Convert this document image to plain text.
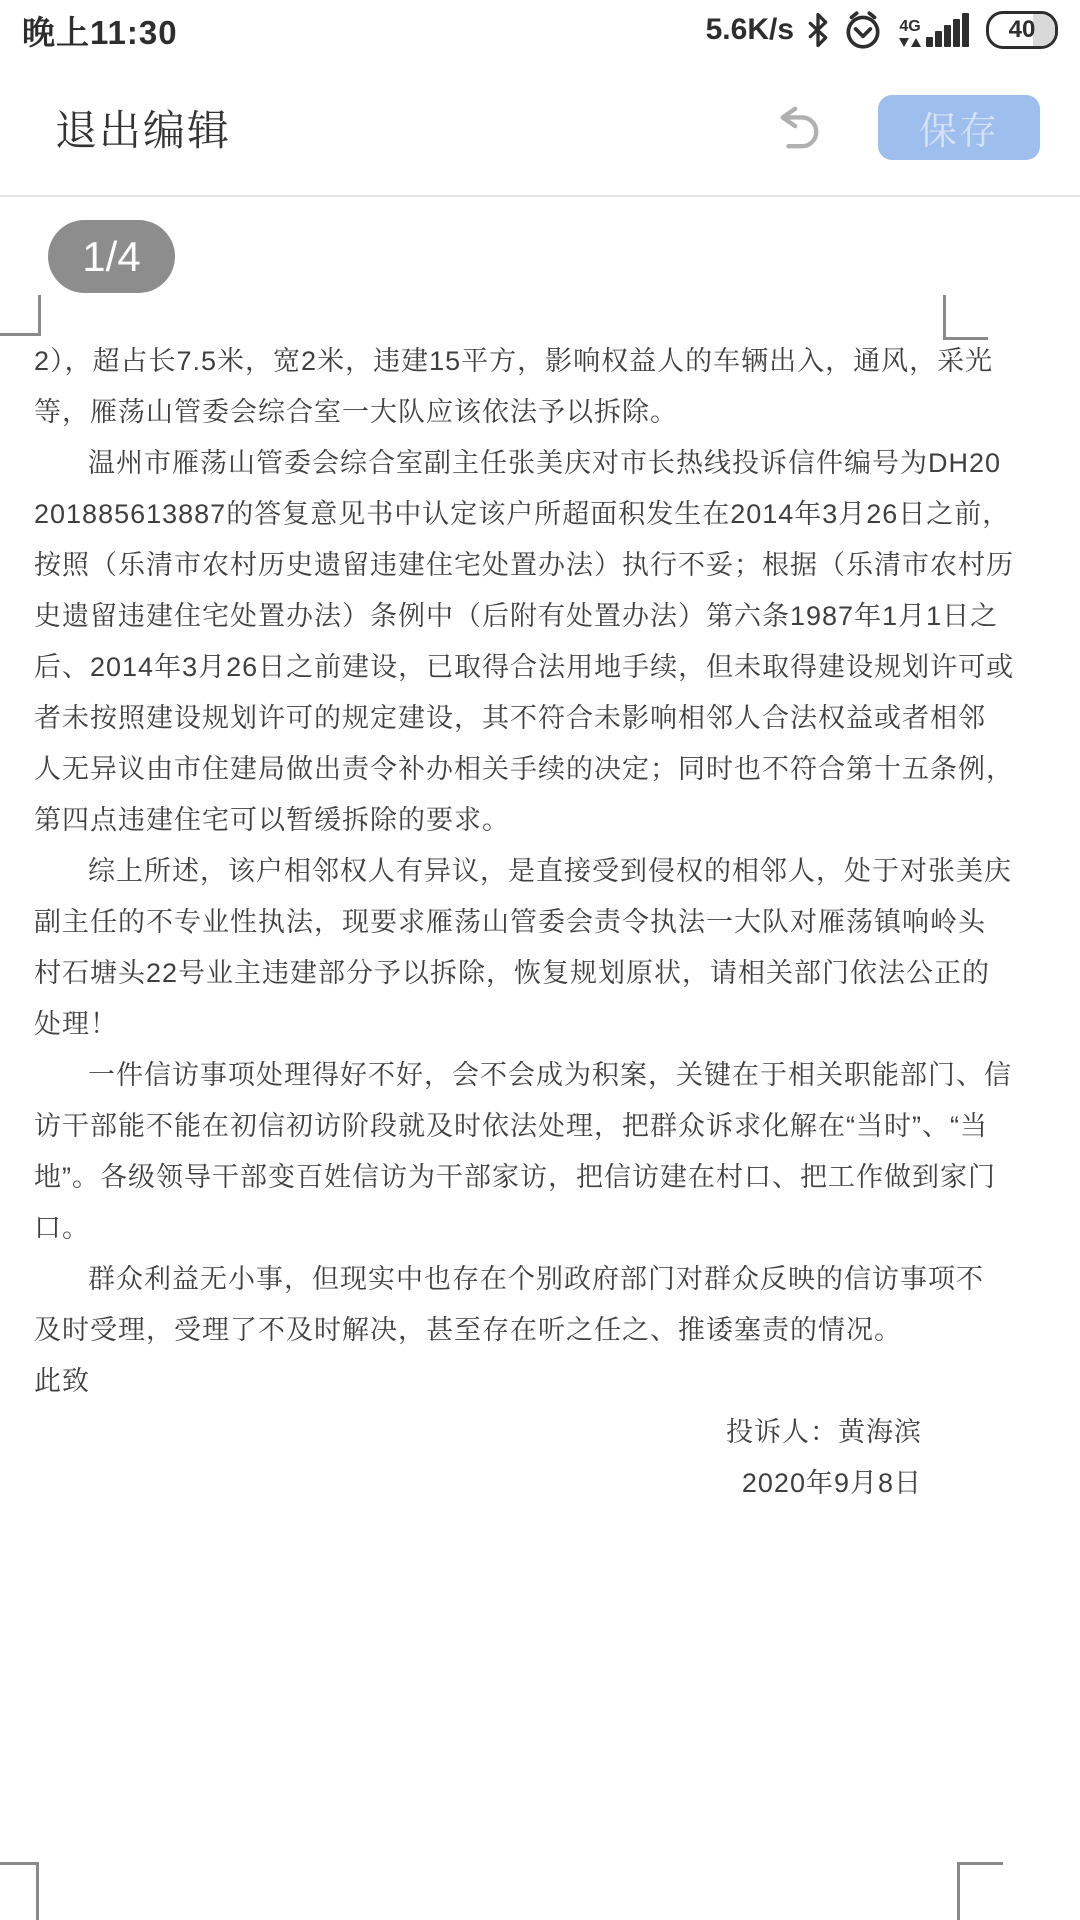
晚上11:30	5.6K/s	4G	40
退出编辑	保存
1/4
2），超占长7.5米，宽2米，违建15平方，影响权益人的车辆出入，通风，采光
等，雁荡山管委会综合室一大队应该依法予以拆除。
温州市雁荡山管委会综合室副主任张美庆对市长热线投诉信件编号为DH20
201885613887的答复意见书中认定该户所超面积发生在2014年3月26日之前，
按照（乐清市农村历史遗留违建住宅处置办法）执行不妥；根据（乐清市农村历
史遗留违建住宅处置办法）条例中（后附有处置办法）第六条1987年1月1日之
后、2014年3月26日之前建设，已取得合法用地手续，但未取得建设规划许可或
者未按照建设规划许可的规定建设，其不符合未影响相邻人合法权益或者相邻
人无异议由市住建局做出责令补办相关手续的决定；同时也不符合第十五条例，
第四点违建住宅可以暂缓拆除的要求。
综上所述，该户相邻权人有异议，是直接受到侵权的相邻人，处于对张美庆
副主任的不专业性执法，现要求雁荡山管委会责令执法一大队对雁荡镇响岭头
村石塘头22号业主违建部分予以拆除，恢复规划原状，请相关部门依法公正的
处理！
一件信访事项处理得好不好，会不会成为积案，关键在于相关职能部门、信
访干部能不能在初信初访阶段就及时依法处理，把群众诉求化解在“当时”、“当
地”。各级领导干部变百姓信访为干部家访，把信访建在村口、把工作做到家门
口。
群众利益无小事，但现实中也存在个别政府部门对群众反映的信访事项不
及时受理，受理了不及时解决，甚至存在听之任之、推诿塞责的情况。
此致
投诉人：黄海滨
2020年9月8日
